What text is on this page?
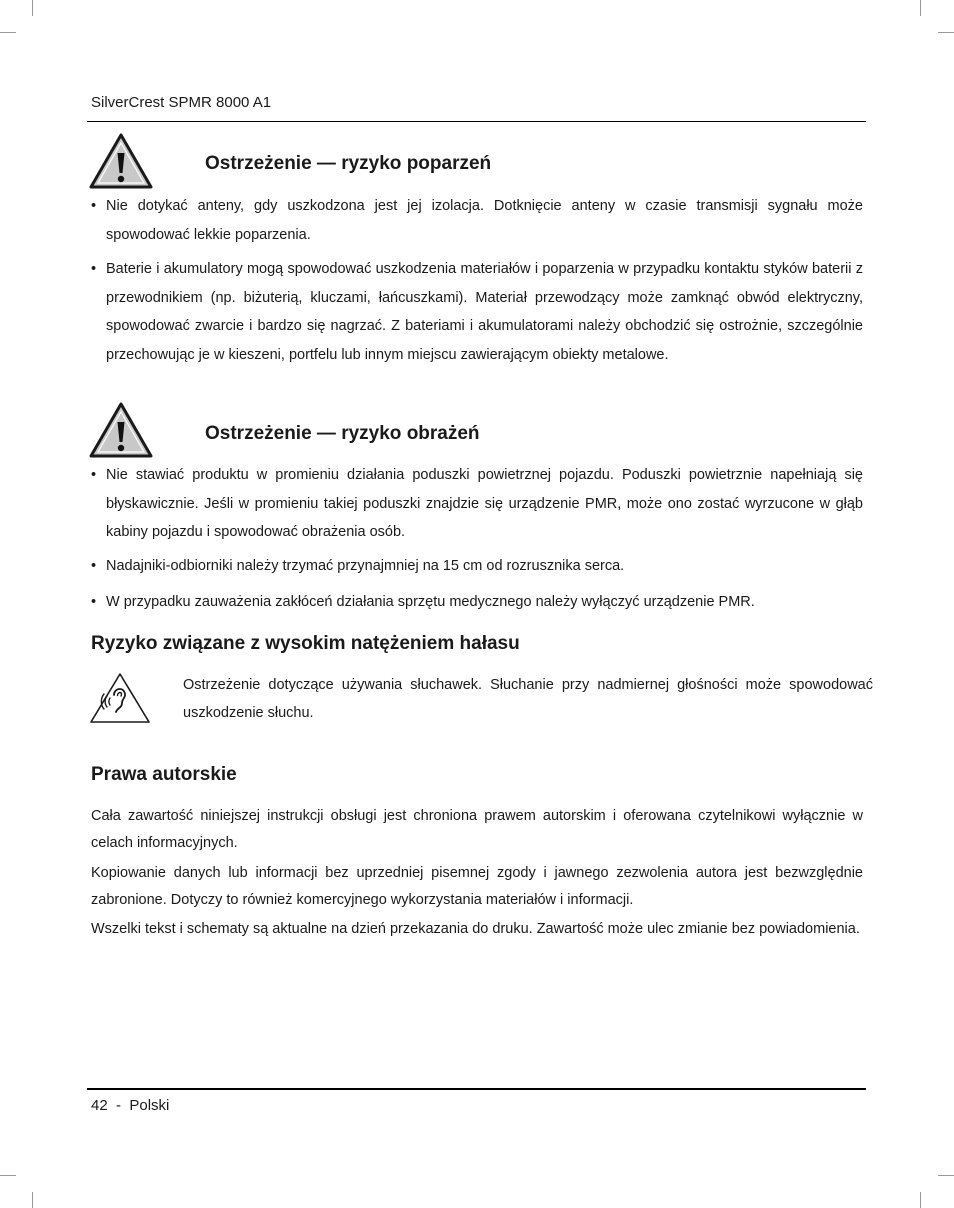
SilverCrest SPMR 8000 A1
Ostrzeżenie — ryzyko poparzeń
• Nie dotykać anteny, gdy uszkodzona jest jej izolacja. Dotknięcie anteny w czasie transmisji sygnału może spowodować lekkie poparzenia.
• Baterie i akumulatory mogą spowodować uszkodzenia materiałów i poparzenia w przypadku kontaktu styków baterii z przewodnikiem (np. biżuterią, kluczami, łańcuszkami). Materiał przewodzący może zamknąć obwód elektryczny, spowodować zwarcie i bardzo się nagrzać. Z bateriami i akumulatorami należy obchodzić się ostrożnie, szczególnie przechowując je w kieszeni, portfelu lub innym miejscu zawierającym obiekty metalowe.
Ostrzeżenie — ryzyko obrażeń
• Nie stawiać produktu w promieniu działania poduszki powietrznej pojazdu. Poduszki powietrznie napełniają się błyskawicznie. Jeśli w promieniu takiej poduszki znajdzie się urządzenie PMR, może ono zostać wyrzucone w głąb kabiny pojazdu i spowodować obrażenia osób.
• Nadajniki-odbiorniki należy trzymać przynajmniej na 15 cm od rozrusznika serca.
• W przypadku zauważenia zakłóceń działania sprzętu medycznego należy wyłączyć urządzenie PMR.
Ryzyko związane z wysokim natężeniem hałasu
Ostrzeżenie dotyczące używania słuchawek. Słuchanie przy nadmiernej głośności może spowodować uszkodzenie słuchu.
Prawa autorskie
Cała zawartość niniejszej instrukcji obsługi jest chroniona prawem autorskim i oferowana czytelnikowi wyłącznie w celach informacyjnych.
Kopiowanie danych lub informacji bez uprzedniej pisemnej zgody i jawnego zezwolenia autora jest bezwzględnie zabronione. Dotyczy to również komercyjnego wykorzystania materiałów i informacji.
Wszelki tekst i schematy są aktualne na dzień przekazania do druku. Zawartość może ulec zmianie bez powiadomienia.
42  -  Polski
